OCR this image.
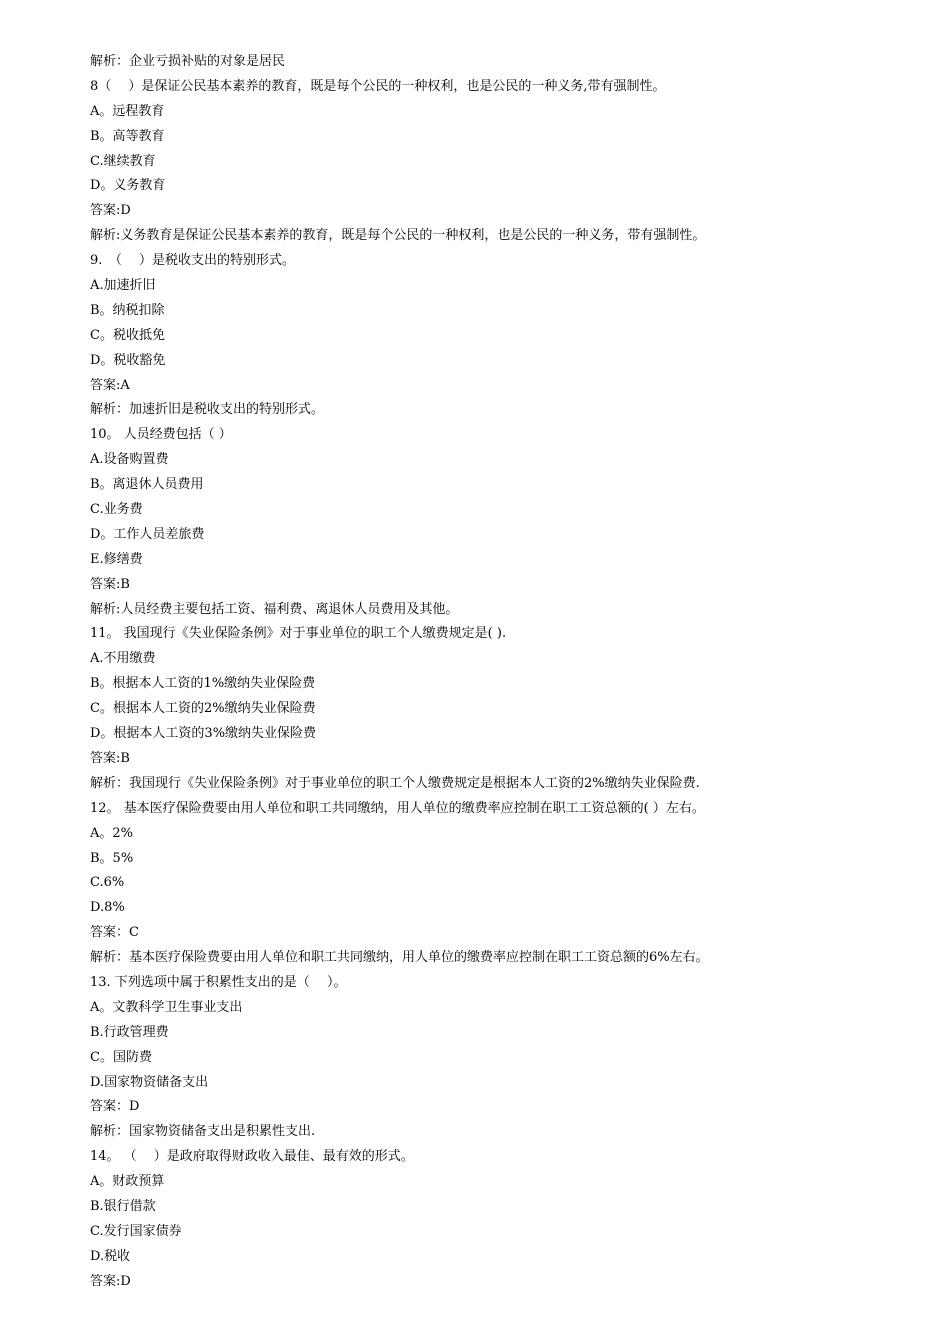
解析：企业亏损补贴的对象是居民
8（　 ）是保证公民基本素养的教育，既是每个公民的一种权利，也是公民的一种义务,带有强制性。
A。远程教育
B。高等教育
C.继续教育
D。义务教育
答案:D
解析:义务教育是保证公民基本素养的教育，既是每个公民的一种权利，也是公民的一种义务，带有强制性。
9.　（　 ）是税收支出的特别形式。
A.加速折旧
B。纳税扣除
C。税收抵免
D。税收豁免
答案:A
解析：加速折旧是税收支出的特别形式。
10。 人员经费包括（ ）
A.设备购置费
B。离退休人员费用
C.业务费
D。工作人员差旅费
E.修缮费
答案:B
解析:人员经费主要包括工资、福利费、离退休人员费用及其他。
11。 我国现行《失业保险条例》对于事业单位的职工个人缴费规定是( ).
A.不用缴费
B。根据本人工资的1%缴纳失业保险费
C。根据本人工资的2%缴纳失业保险费
D。根据本人工资的3%缴纳失业保险费
答案:B
解析：我国现行《失业保险条例》对于事业单位的职工个人缴费规定是根据本人工资的2%缴纳失业保险费.
12。 基本医疗保险费要由用人单位和职工共同缴纳，用人单位的缴费率应控制在职工工资总额的( ）左右。
A。2%
B。5%
C.6%
D.8%
答案：C
解析：基本医疗保险费要由用人单位和职工共同缴纳，用人单位的缴费率应控制在职工工资总额的6%左右。
13. 下列选项中属于积累性支出的是（　 ）。
A。文教科学卫生事业支出
B.行政管理费
C。国防费
D.国家物资储备支出
答案：D
解析：国家物资储备支出是积累性支出.
14。 （　 ）是政府取得财政收入最佳、最有效的形式。
A。财政预算
B.银行借款
C.发行国家债券
D.税收
答案:D
